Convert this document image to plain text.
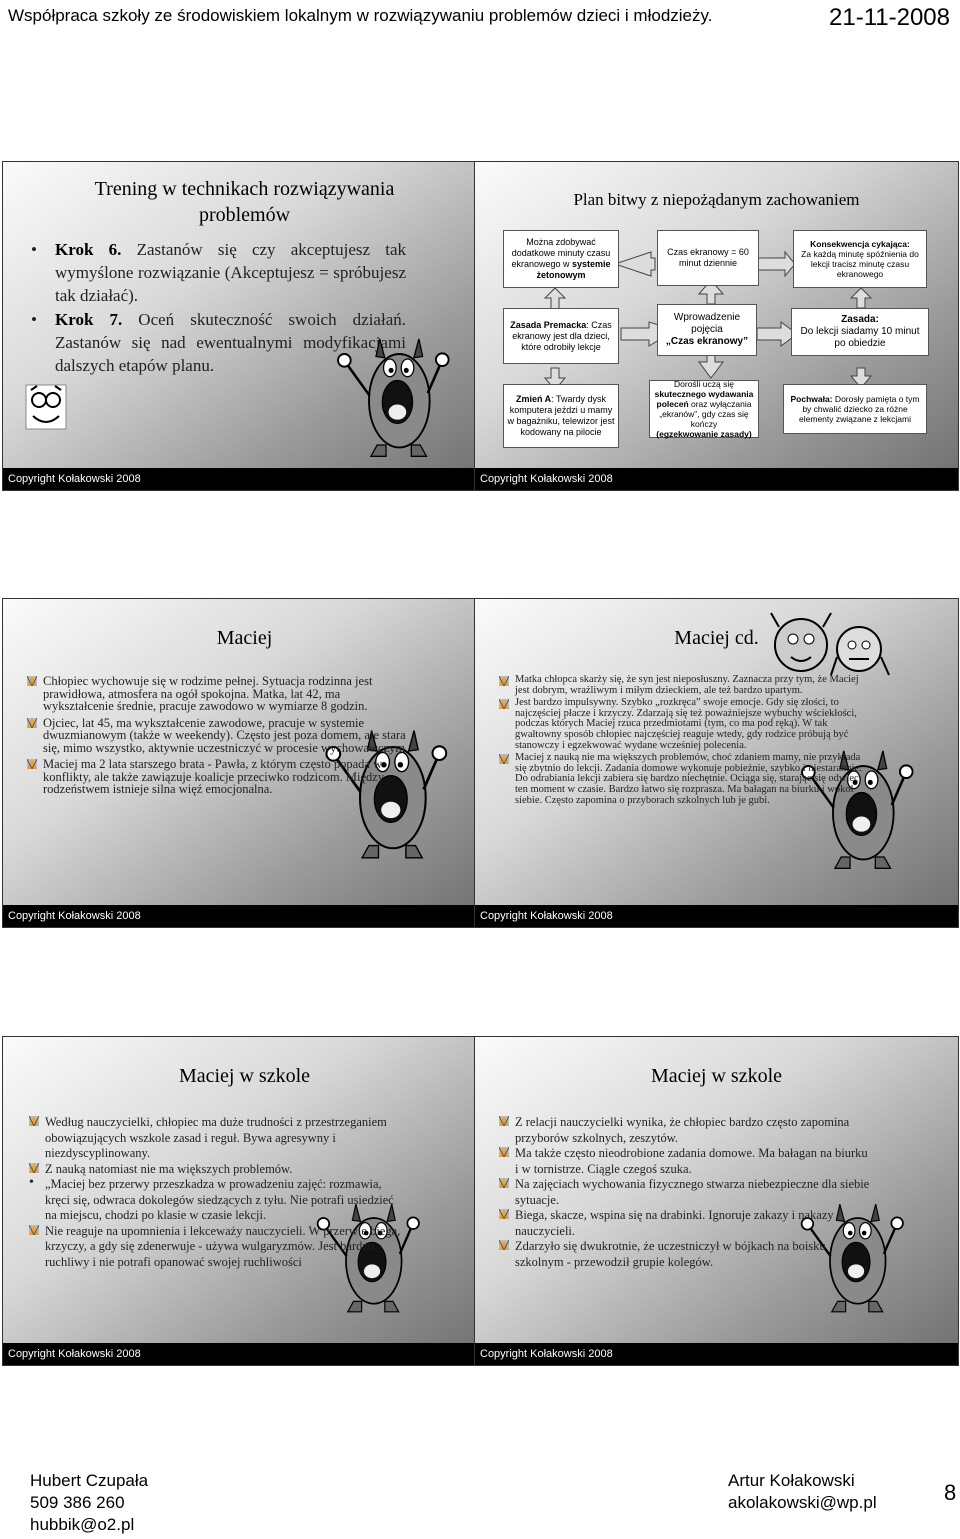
Współpraca szkoły ze środowiskiem lokalnym w rozwiązywaniu problemów dzieci i młodzieży.	21-11-2008
Trening w technikach rozwiązywania
problemów
• Krok 6. Zastanów się czy akceptujesz tak wymyślone rozwiązanie (Akceptujesz = spróbujesz tak działać).
• Krok 7. Oceń skuteczność swoich działań. Zastanów się nad ewentualnymi modyfikacjami dalszych etapów planu.
Copyright Kołakowski 2008
Plan bitwy z niepożądanym zachowaniem
Można zdobywać dodatkowe minuty czasu ekranowego w systemie żetonowym
Czas ekranowy = 60 minut dziennie
Konsekwencja cykająca:
Za każdą minutę spóźnienia do lekcji tracisz minutę czasu ekranowego
Zasada Premacka: Czas ekranowy jest dla dzieci, które odrobiły lekcje
Wprowadzenie pojęcia
„Czas ekranowy”
Zasada:
Do lekcji siadamy 10 minut po obiedzie
Zmień A: Twardy dysk komputera jeździ u mamy w bagażniku, telewizor jest kodowany na pilocie
Dorośli uczą się skutecznego wydawania poleceń oraz wyłączania „ekranów”, gdy czas się kończy
(egzekwowanie zasady)
Pochwała: Dorosły pamięta o tym by chwalić dziecko za różne elementy związane z lekcjami
Copyright Kołakowski 2008
Maciej
Chłopiec wychowuje się w rodzime pełnej. Sytuacja rodzinna jest prawidłowa, atmosfera na ogół spokojna. Matka, lat 42, ma wykształcenie średnie, pracuje zawodowo w wymiarze 8 godzin.
Ojciec, lat 45, ma wykształcenie zawodowe, pracuje w systemie dwuzmianowym (także w weekendy). Często jest poza domem, ale stara się, mimo wszystko, aktywnie uczestniczyć w procesie wychowawczym.
Maciej ma 2 lata starszego brata - Pawła, z którym często popada w konflikty, ale także zawiązuje koalicje przeciwko rodzicom. Między rodzeństwem istnieje silna więź emocjonalna.
Copyright Kołakowski 2008
Maciej cd.
Matka chłopca skarży się, że syn jest nieposłuszny. Zaznacza przy tym, że Maciej jest dobrym, wrażliwym i miłym dzieckiem, ale też bardzo upartym.
Jest bardzo impulsywny. Szybko „rozkręca” swoje emocje. Gdy się złości, to najczęściej płacze i krzyczy. Zdarzają się też poważniejsze wybuchy wściekłości, podczas których Maciej rzuca przedmiotami (tym, co ma pod ręką). W tak gwałtowny sposób chłopiec najczęściej reaguje wtedy, gdy rodzice próbują być stanowczy i egzekwować wydane wcześniej polecenia.
Maciej z nauką nie ma większych problemów, choć zdaniem mamy, nie przykłada się zbytnio do lekcji. Zadania domowe wykonuje pobieżnie, szybko i niestarannie. Do odrabiania lekcji zabiera się bardzo niechętnie. Ociąga się, starając się odwlec ten moment w czasie. Bardzo łatwo się rozprasza. Ma bałagan na biurku i wokół siebie. Często zapomina o przyborach szkolnych lub je gubi.
Copyright Kołakowski 2008
Maciej w szkole
Według nauczycielki, chłopiec ma duże trudności z przestrzeganiem obowiązujących wszkole zasad i reguł. Bywa agresywny i niezdyscyplinowany.
Z nauką natomiast nie ma większych problemów.
• „Maciej bez przerwy przeszkadza w prowadzeniu zajęć: rozmawia, kręci się, odwraca dokolegów siedzących z tyłu. Nie potrafi usiedzieć na miejscu, chodzi po klasie w czasie lekcji.
Nie reaguje na upomnienia i lekceważy nauczycieli. W przerwie biega, krzyczy, a gdy się zdenerwuje - używa wulgaryzmów. Jest bardzo ruchliwy i nie potrafi opanować swojej ruchliwości
Copyright Kołakowski 2008
Maciej w szkole
Z relacji nauczycielki wynika, że chłopiec bardzo często zapomina przyborów szkolnych, zeszytów.
Ma także często nieodrobione zadania domowe. Ma bałagan na biurku i w tornistrze. Ciągle czegoś szuka.
Na zajęciach wychowania fizycznego stwarza niebezpieczne dla siebie sytuacje.
Biega, skacze, wspina się na drabinki. Ignoruje zakazy i nakazy nauczycieli.
Zdarzyło się dwukrotnie, że uczestniczył w bójkach na boisku szkolnym - przewodził grupie kolegów.
Copyright Kołakowski 2008
Hubert Czupała
509 386 260
hubbik@o2.pl
Artur Kołakowski
akolakowski@wp.pl	8
